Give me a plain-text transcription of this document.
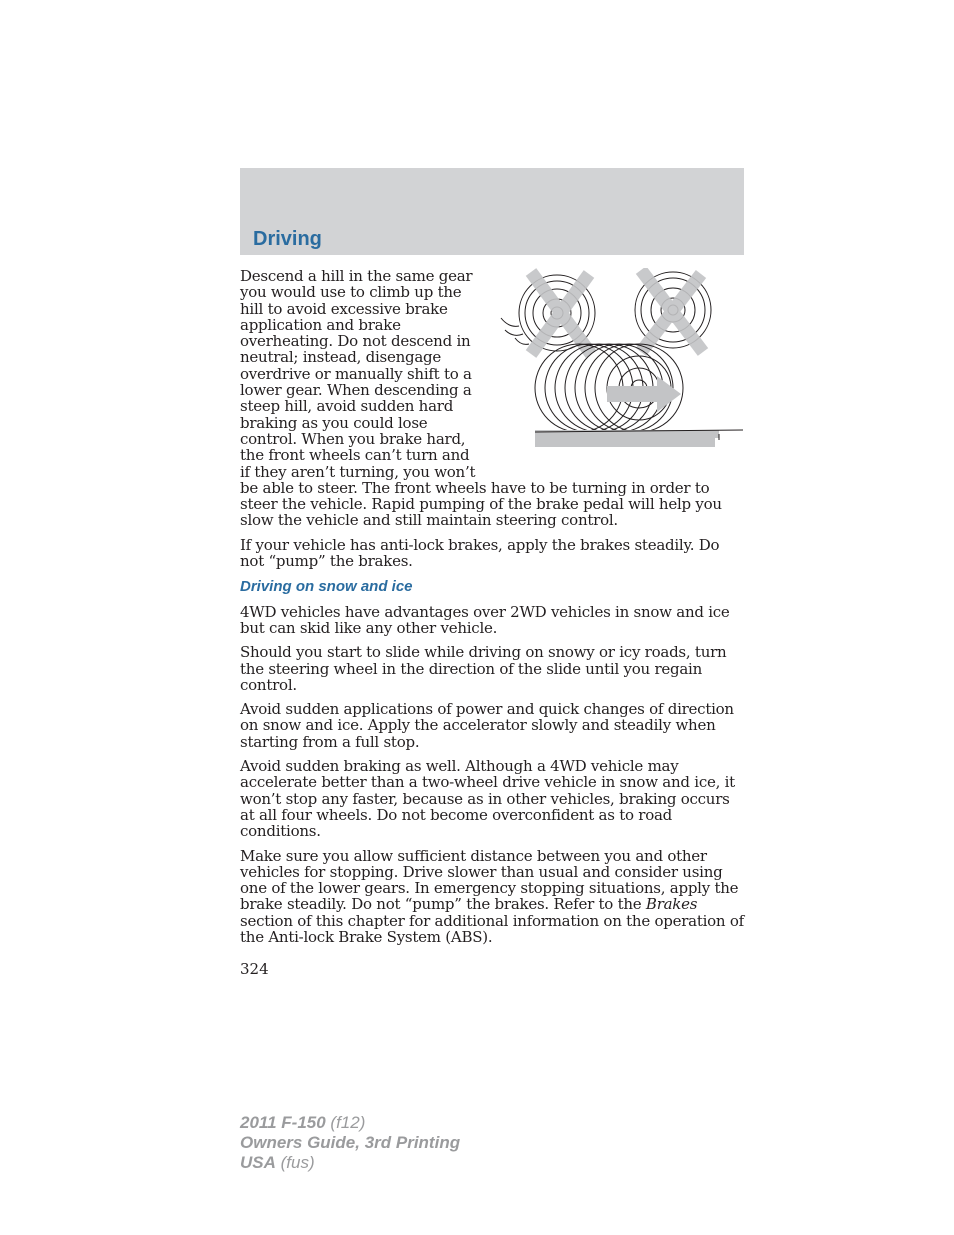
Driving

Descend a hill in the same gear you would use to climb up the hill to avoid excessive brake application and brake overheating. Do not descend in neutral; instead, disengage overdrive or manually shift to a lower gear. When descending a steep hill, avoid sudden hard braking as you could lose control. When you brake hard, the front wheels can’t turn and if they aren’t turning, you won’t be able to steer. The front wheels have to be turning in order to steer the vehicle. Rapid pumping of the brake pedal will help you slow the vehicle and still maintain steering control.

If your vehicle has anti-lock brakes, apply the brakes steadily. Do not “pump” the brakes.

Driving on snow and ice

4WD vehicles have advantages over 2WD vehicles in snow and ice but can skid like any other vehicle.

Should you start to slide while driving on snowy or icy roads, turn the steering wheel in the direction of the slide until you regain control.

Avoid sudden applications of power and quick changes of direction on snow and ice. Apply the accelerator slowly and steadily when starting from a full stop.

Avoid sudden braking as well. Although a 4WD vehicle may accelerate better than a two-wheel drive vehicle in snow and ice, it won’t stop any faster, because as in other vehicles, braking occurs at all four wheels. Do not become overconfident as to road conditions.

Make sure you allow sufficient distance between you and other vehicles for stopping. Drive slower than usual and consider using one of the lower gears. In emergency stopping situations, apply the brake steadily. Do not “pump” the brakes. Refer to the Brakes section of this chapter for additional information on the operation of the Anti-lock Brake System (ABS).

324
2011 F-150 (f12)
Owners Guide, 3rd Printing
USA (fus)
